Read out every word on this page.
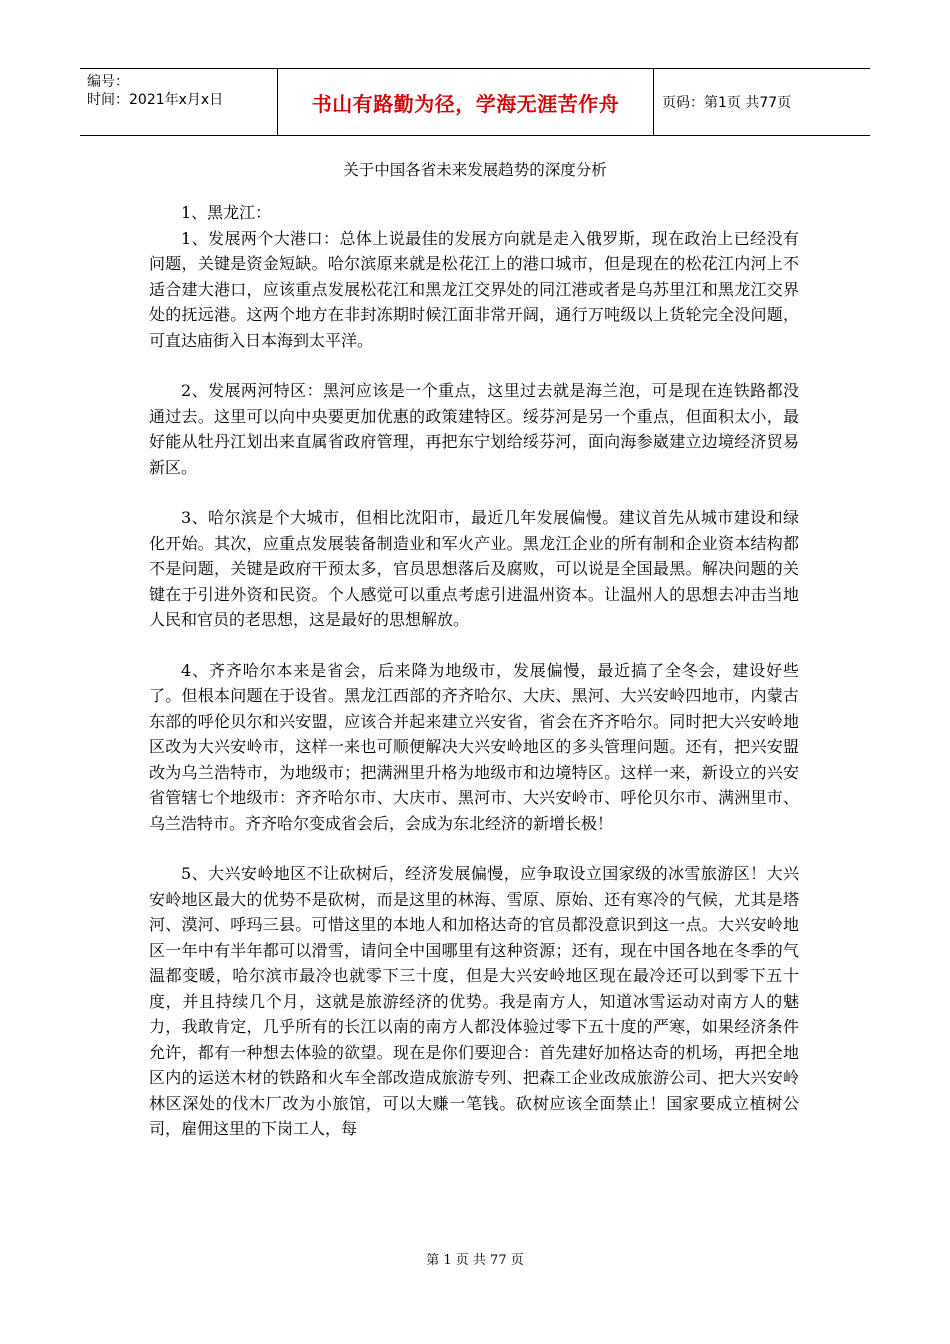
编号：
时间：2021年x月x日	书山有路勤为径，学海无涯苦作舟	页码：第1页 共77页
关于中国各省未来发展趋势的深度分析

1、黑龙江：

1、发展两个大港口：总体上说最佳的发展方向就是走入俄罗斯，现在政治上已经没有问题，关键是资金短缺。哈尔滨原来就是松花江上的港口城市，但是现在的松花江内河上不适合建大港口，应该重点发展松花江和黑龙江交界处的同江港或者是乌苏里江和黑龙江交界处的抚远港。这两个地方在非封冻期时候江面非常开阔，通行万吨级以上货轮完全没问题，可直达庙街入日本海到太平洋。

2、发展两河特区：黑河应该是一个重点，这里过去就是海兰泡，可是现在连铁路都没通过去。这里可以向中央要更加优惠的政策建特区。绥芬河是另一个重点，但面积太小，最好能从牡丹江划出来直属省政府管理，再把东宁划给绥芬河，面向海参崴建立边境经济贸易新区。

3、哈尔滨是个大城市，但相比沈阳市，最近几年发展偏慢。建议首先从城市建设和绿化开始。其次，应重点发展装备制造业和军火产业。黑龙江企业的所有制和企业资本结构都不是问题，关键是政府干预太多，官员思想落后及腐败，可以说是全国最黑。解决问题的关键在于引进外资和民资。个人感觉可以重点考虑引进温州资本。让温州人的思想去冲击当地人民和官员的老思想，这是最好的思想解放。

4、齐齐哈尔本来是省会，后来降为地级市，发展偏慢，最近搞了全冬会，建设好些了。但根本问题在于设省。黑龙江西部的齐齐哈尔、大庆、黑河、大兴安岭四地市，内蒙古东部的呼伦贝尔和兴安盟，应该合并起来建立兴安省，省会在齐齐哈尔。同时把大兴安岭地区改为大兴安岭市，这样一来也可顺便解决大兴安岭地区的多头管理问题。还有，把兴安盟改为乌兰浩特市，为地级市；把满洲里升格为地级市和边境特区。这样一来，新设立的兴安省管辖七个地级市：齐齐哈尔市、大庆市、黑河市、大兴安岭市、呼伦贝尔市、满洲里市、乌兰浩特市。齐齐哈尔变成省会后，会成为东北经济的新增长极！

5、大兴安岭地区不让砍树后，经济发展偏慢，应争取设立国家级的冰雪旅游区！大兴安岭地区最大的优势不是砍树，而是这里的林海、雪原、原始、还有寒冷的气候，尤其是塔河、漠河、呼玛三县。可惜这里的本地人和加格达奇的官员都没意识到这一点。大兴安岭地区一年中有半年都可以滑雪，请问全中国哪里有这种资源；还有，现在中国各地在冬季的气温都变暖，哈尔滨市最冷也就零下三十度，但是大兴安岭地区现在最冷还可以到零下五十度，并且持续几个月，这就是旅游经济的优势。我是南方人，知道冰雪运动对南方人的魅力，我敢肯定，几乎所有的长江以南的南方人都没体验过零下五十度的严寒，如果经济条件允许，都有一种想去体验的欲望。现在是你们要迎合：首先建好加格达奇的机场，再把全地区内的运送木材的铁路和火车全部改造成旅游专列、把森工企业改成旅游公司、把大兴安岭林区深处的伐木厂改为小旅馆，可以大赚一笔钱。砍树应该全面禁止！国家要成立植树公司，雇佣这里的下岗工人，每

第 1 页 共 77 页
